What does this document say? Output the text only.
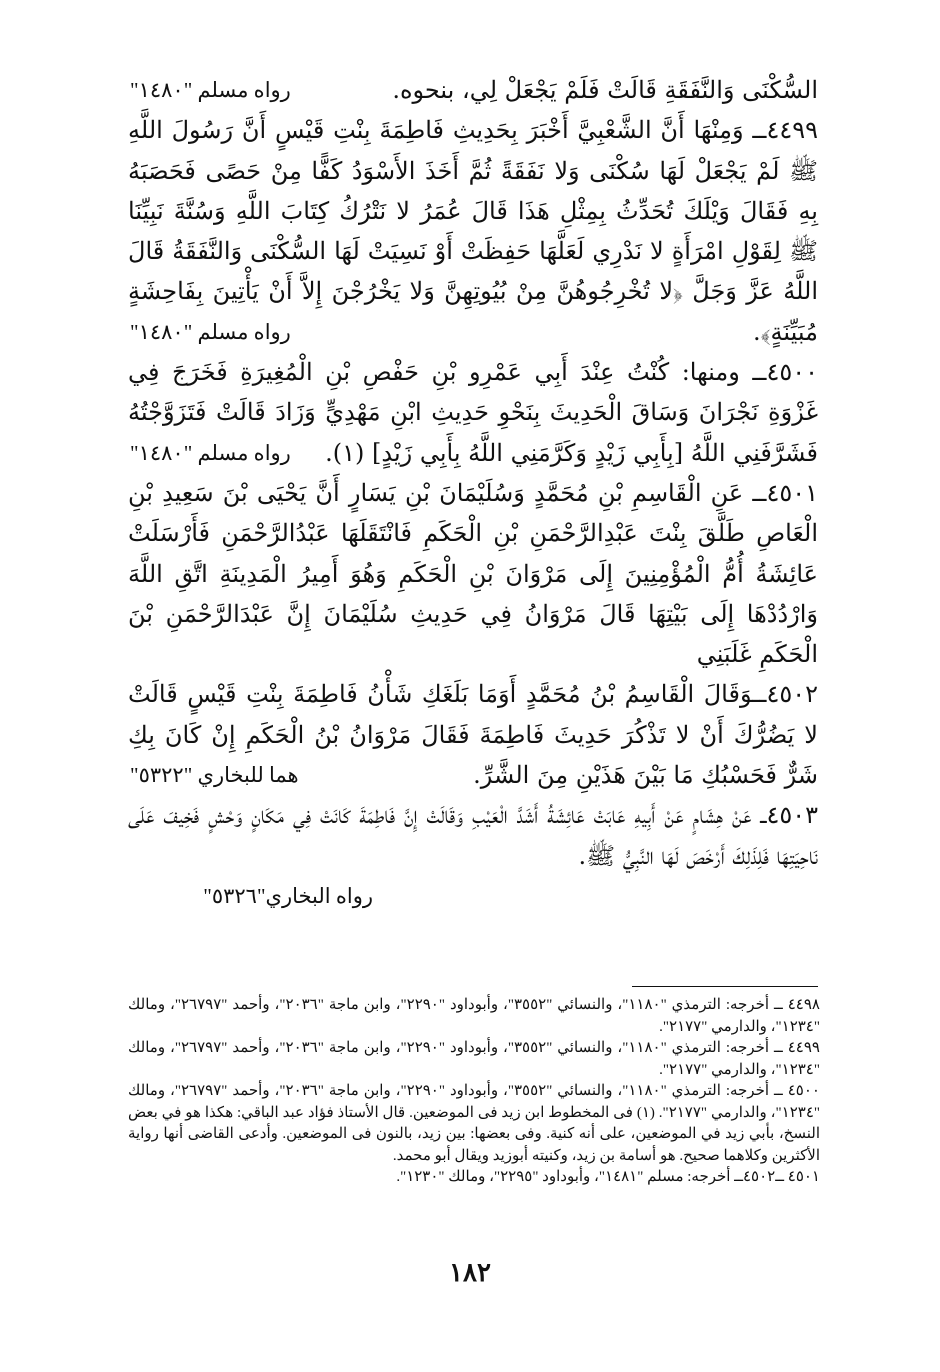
رواه مسلم "١٤٨٠"	السُّكْنَى وَالنَّفَقَةِ قَالَتْ فَلَمْ يَجْعَلْ لِي، بنحوه.

٤٤٩٩ــ وَمِنْهَا أَنَّ الشَّعْبِيَّ أَخْبَرَ بِحَدِيثِ فَاطِمَةَ بِنْتِ قَيْسٍ أَنَّ رَسُولَ اللَّهِ ﷺ لَمْ يَجْعَلْ لَهَا سُكْنَى وَلا نَفَقَةً ثُمَّ أَخَذَ الأَسْوَدُ كَفًّا مِنْ حَصًى فَحَصَبَهُ بِهِ فَقَالَ وَيْلَكَ تُحَدِّثُ بِمِثْلِ هَذَا قَالَ عُمَرُ لا نَتْرُكُ كِتَابَ اللَّهِ وَسُنَّةَ نَبِيِّنَا ﷺ لِقَوْلِ امْرَأَةٍ لا نَدْرِي لَعَلَّهَا حَفِظَتْ أَوْ نَسِيَتْ لَهَا السُّكْنَى وَالنَّفَقَةُ قَالَ اللَّهُ عَزَّ وَجَلَّ ﴿لا تُخْرِجُوهُنَّ مِنْ بُيُوتِهِنَّ وَلا يَخْرُجْنَ إِلاَّ أَنْ يَأْتِينَ بِفَاحِشَةٍ مُبَيِّنَةٍ﴾.
رواه مسلم "١٤٨٠"

٤٥٠٠ــ ومنها: كُنْتُ عِنْدَ أَبِي عَمْرِو بْنِ حَفْصِ بْنِ الْمُغِيرَةِ فَخَرَجَ فِي غَزْوَةِ نَجْرَانَ وَسَاقَ الْحَدِيثَ بِنَحْوِ حَدِيثِ ابْنِ مَهْدِيٍّ وَزَادَ قَالَتْ فَتَزَوَّجْتُهُ فَشَرَّفَنِي اللَّهُ [بِأَبِي زَيْدٍ وَكَرَّمَنِي اللَّهُ بِأَبِي زَيْدٍ] (١).
رواه مسلم "١٤٨٠"

٤٥٠١ــ عَنِ الْقَاسِمِ بْنِ مُحَمَّدٍ وَسُلَيْمَانَ بْنِ يَسَارٍ أَنَّ يَحْيَى بْنَ سَعِيدِ بْنِ الْعَاصِ طَلَّقَ بِنْتَ عَبْدِالرَّحْمَنِ بْنِ الْحَكَمِ فَانْتَقَلَهَا عَبْدُالرَّحْمَنِ فَأَرْسَلَتْ عَائِشَةُ أُمُّ الْمُؤْمِنِينَ إِلَى مَرْوَانَ بْنِ الْحَكَمِ وَهُوَ أَمِيرُ الْمَدِينَةِ اتَّقِ اللَّهَ وَارْدُدْهَا إِلَى بَيْتِهَا قَالَ مَرْوَانُ فِي حَدِيثِ سُلَيْمَانَ إِنَّ عَبْدَالرَّحْمَنِ بْنَ الْحَكَمِ غَلَبَنِي

٤٥٠٢ــوَقَالَ الْقَاسِمُ بْنُ مُحَمَّدٍ أَوَمَا بَلَغَكِ شَأْنُ فَاطِمَةَ بِنْتِ قَيْسٍ قَالَتْ لا يَضُرُّكَ أَنْ لا تَذْكُرَ حَدِيثَ فَاطِمَةَ فَقَالَ مَرْوَانُ بْنُ الْحَكَمِ إِنْ كَانَ بِكِ شَرٌّ فَحَسْبُكِ مَا بَيْنَ هَذَيْنِ مِنَ الشَّرِّ.
هما للبخاري "٥٣٢٢"

٤٥٠٣ــ عَنْ هِشَامٍ عَنْ أَبِيهِ عَابَتْ عَائِشَةُ أَشَدَّ الْعَيْبِ وَقَالَتْ إِنَّ فَاطِمَةَ كَانَتْ فِي مَكَانٍ وَحْشٍ فَخِيفَ عَلَى نَاحِيَتِهَا فَلِذَلِكَ أَرْخَصَ لَهَا النَّبِيُّ ﷺ.

رواه البخاري"٥٣٢٦"

٤٤٩٨ ــ أخرجه: الترمذي "١١٨٠"، والنسائي "٣٥٥٢"، وأبوداود "٢٢٩٠"، وابن ماجة "٢٠٣٦"، وأحمد "٢٦٧٩٧"، ومالك "١٢٣٤"، والدارمي "٢١٧٧".

٤٤٩٩ ــ أخرجه: الترمذي "١١٨٠"، والنسائي "٣٥٥٢"، وأبوداود "٢٢٩٠"، وابن ماجة "٢٠٣٦"، وأحمد "٢٦٧٩٧"، ومالك "١٢٣٤"، والدارمي "٢١٧٧".

٤٥٠٠ ــ أخرجه: الترمذي "١١٨٠"، والنسائي "٣٥٥٢"، وأبوداود "٢٢٩٠"، وابن ماجة "٢٠٣٦"، وأحمد "٢٦٧٩٧"، ومالك "١٢٣٤"، والدارمي "٢١٧٧". (١) فى المخطوط ابن زيد فى الموضعين. قال الأستاذ فؤاد عبد الباقي: هكذا هو في بعض النسخ، بأبي زيد في الموضعين، على أنه كنية. وفى بعضها: بين زيد، بالنون فى الموضعين. وأدعى القاضى أنها رواية الأكثرين وكلاهما صحيح. هو أسامة بن زيد، وكنيته أبوزيد ويقال أبو محمد.

٤٥٠١ ــ٤٥٠٢ــ أخرجه: مسلم "١٤٨١"، وأبوداود "٢٢٩٥"، ومالك "١٢٣٠".

١٨٢
